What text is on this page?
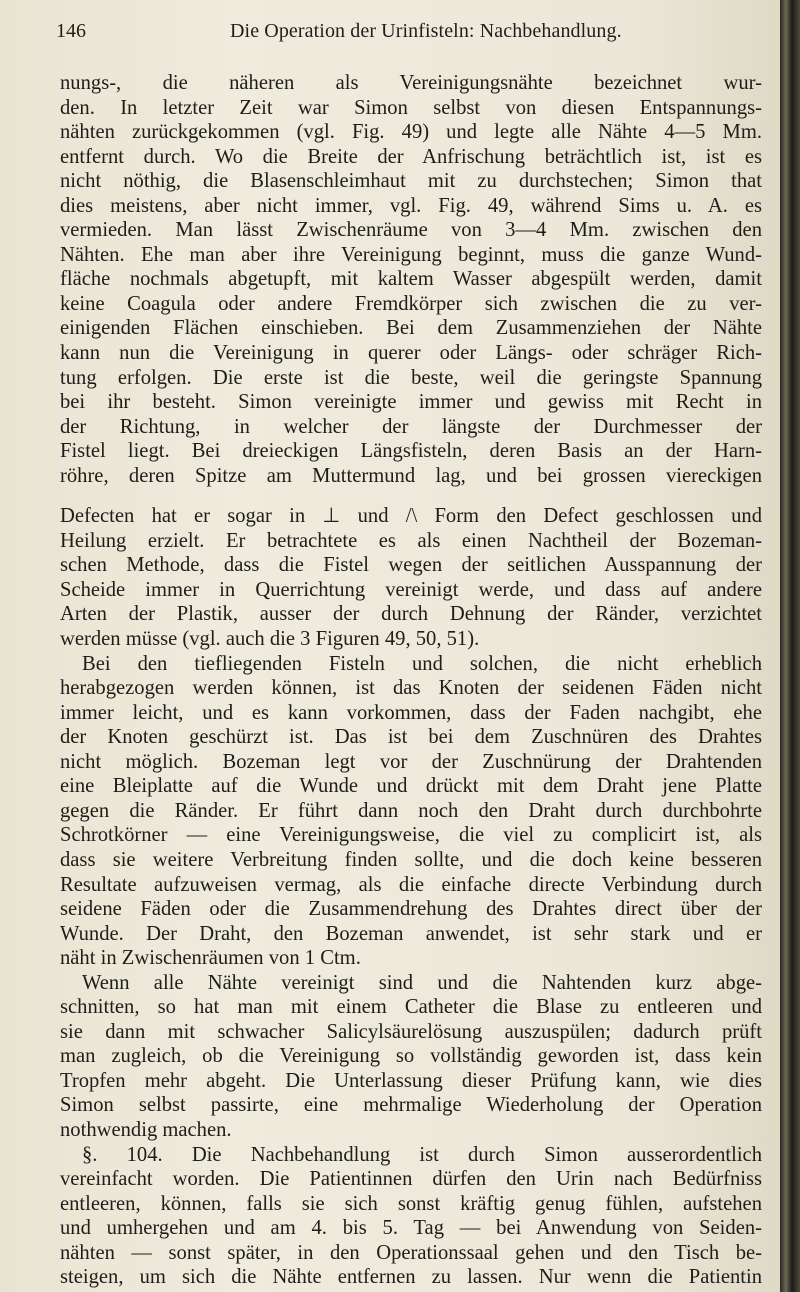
146	Die Operation der Urinfisteln: Nachbehandlung.
nungs-, die näheren als Vereinigungsnähte bezeichnet wur-
den. In letzter Zeit war Simon selbst von diesen Entspannungs-
nähten zurückgekommen (vgl. Fig. 49) und legte alle Nähte 4—5 Mm.
entfernt durch. Wo die Breite der Anfrischung beträchtlich ist, ist es
nicht nöthig, die Blasenschleimhaut mit zu durchstechen; Simon that
dies meistens, aber nicht immer, vgl. Fig. 49, während Sims u. A. es
vermieden. Man lässt Zwischenräume von 3—4 Mm. zwischen den
Nähten. Ehe man aber ihre Vereinigung beginnt, muss die ganze Wund-
fläche nochmals abgetupft, mit kaltem Wasser abgespült werden, damit
keine Coagula oder andere Fremdkörper sich zwischen die zu ver-
einigenden Flächen einschieben. Bei dem Zusammenziehen der Nähte
kann nun die Vereinigung in querer oder Längs- oder schräger Rich-
tung erfolgen. Die erste ist die beste, weil die geringste Spannung
bei ihr besteht. Simon vereinigte immer und gewiss mit Recht in
der Richtung, in welcher der längste der Durchmesser der
Fistel liegt. Bei dreieckigen Längsfisteln, deren Basis an der Harn-
röhre, deren Spitze am Muttermund lag, und bei grossen viereckigen
Defecten hat er sogar in ⊥ und /\ Form den Defect geschlossen und
Heilung erzielt. Er betrachtete es als einen Nachtheil der Bozeman-
schen Methode, dass die Fistel wegen der seitlichen Ausspannung der
Scheide immer in Querrichtung vereinigt werde, und dass auf andere
Arten der Plastik, ausser der durch Dehnung der Ränder, verzichtet
werden müsse (vgl. auch die 3 Figuren 49, 50, 51).
Bei den tiefliegenden Fisteln und solchen, die nicht erheblich
herabgezogen werden können, ist das Knoten der seidenen Fäden nicht
immer leicht, und es kann vorkommen, dass der Faden nachgibt, ehe
der Knoten geschürzt ist. Das ist bei dem Zuschnüren des Drahtes
nicht möglich. Bozeman legt vor der Zuschnürung der Drahtenden
eine Bleiplatte auf die Wunde und drückt mit dem Draht jene Platte
gegen die Ränder. Er führt dann noch den Draht durch durchbohrte
Schrotkörner — eine Vereinigungsweise, die viel zu complicirt ist, als
dass sie weitere Verbreitung finden sollte, und die doch keine besseren
Resultate aufzuweisen vermag, als die einfache directe Verbindung durch
seidene Fäden oder die Zusammendrehung des Drahtes direct über der
Wunde. Der Draht, den Bozeman anwendet, ist sehr stark und er
näht in Zwischenräumen von 1 Ctm.
Wenn alle Nähte vereinigt sind und die Nahtenden kurz abge-
schnitten, so hat man mit einem Catheter die Blase zu entleeren und
sie dann mit schwacher Salicylsäurelösung auszuspülen; dadurch prüft
man zugleich, ob die Vereinigung so vollständig geworden ist, dass kein
Tropfen mehr abgeht. Die Unterlassung dieser Prüfung kann, wie dies
Simon selbst passirte, eine mehrmalige Wiederholung der Operation
nothwendig machen.
§. 104. Die Nachbehandlung ist durch Simon ausserordentlich
vereinfacht worden. Die Patientinnen dürfen den Urin nach Bedürfniss
entleeren, können, falls sie sich sonst kräftig genug fühlen, aufstehen
und umhergehen und am 4. bis 5. Tag — bei Anwendung von Seiden-
nähten — sonst später, in den Operationssaal gehen und den Tisch be-
steigen, um sich die Nähte entfernen zu lassen. Nur wenn die Patientin
